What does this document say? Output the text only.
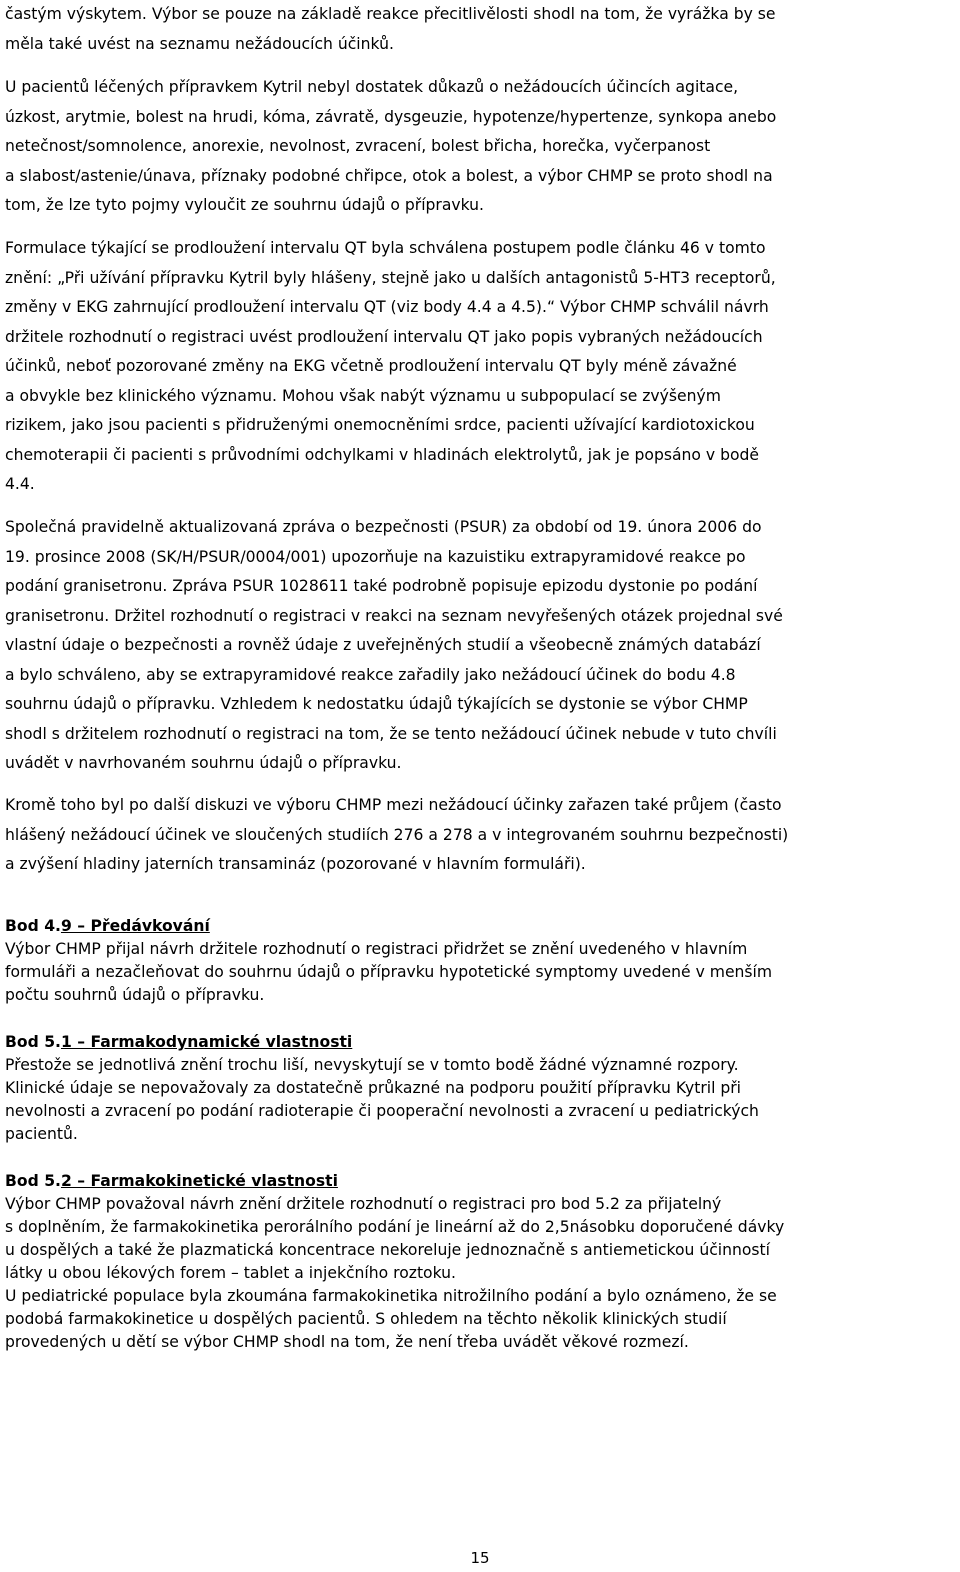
častým výskytem. Výbor se pouze na základě reakce přecitlivělosti shodl na tom, že vyrážka by se
měla také uvést na seznamu nežádoucích účinků.

U pacientů léčených přípravkem Kytril nebyl dostatek důkazů o nežádoucích účincích agitace,
úzkost, arytmie, bolest na hrudi, kóma, závratě, dysgeuzie, hypotenze/hypertenze, synkopa anebo
netečnost/somnolence, anorexie, nevolnost, zvracení, bolest břicha, horečka, vyčerpanost
a slabost/astenie/únava, příznaky podobné chřipce, otok a bolest, a výbor CHMP se proto shodl na
tom, že lze tyto pojmy vyloučit ze souhrnu údajů o přípravku.

Formulace týkající se prodloužení intervalu QT byla schválena postupem podle článku 46 v tomto
znění: „Při užívání přípravku Kytril byly hlášeny, stejně jako u dalších antagonistů 5-HT3 receptorů,
změny v EKG zahrnující prodloužení intervalu QT (viz body 4.4 a 4.5).“ Výbor CHMP schválil návrh
držitele rozhodnutí o registraci uvést prodloužení intervalu QT jako popis vybraných nežádoucích
účinků, neboť pozorované změny na EKG včetně prodloužení intervalu QT byly méně závažné
a obvykle bez klinického významu. Mohou však nabýt významu u subpopulací se zvýšeným
rizikem, jako jsou pacienti s přidruženými onemocněními srdce, pacienti užívající kardiotoxickou
chemoterapii či pacienti s průvodními odchylkami v hladinách elektrolytů, jak je popsáno v bodě
4.4.

Společná pravidelně aktualizovaná zpráva o bezpečnosti (PSUR) za období od 19. února 2006 do
19. prosince 2008 (SK/H/PSUR/0004/001) upozorňuje na kazuistiku extrapyramidové reakce po
podání granisetronu. Zpráva PSUR 1028611 také podrobně popisuje epizodu dystonie po podání
granisetronu. Držitel rozhodnutí o registraci v reakci na seznam nevyřešených otázek projednal své
vlastní údaje o bezpečnosti a rovněž údaje z uveřejněných studií a všeobecně známých databází
a bylo schváleno, aby se extrapyramidové reakce zařadily jako nežádoucí účinek do bodu 4.8
souhrnu údajů o přípravku. Vzhledem k nedostatku údajů týkajících se dystonie se výbor CHMP
shodl s držitelem rozhodnutí o registraci na tom, že se tento nežádoucí účinek nebude v tuto chvíli
uvádět v navrhovaném souhrnu údajů o přípravku.

Kromě toho byl po další diskuzi ve výboru CHMP mezi nežádoucí účinky zařazen také průjem (často
hlášený nežádoucí účinek ve sloučených studiích 276 a 278 a v integrovaném souhrnu bezpečnosti)
a zvýšení hladiny jaterních transamináz (pozorované v hlavním formuláři).

Bod 4.9 – Předávkování

Výbor CHMP přijal návrh držitele rozhodnutí o registraci přidržet se znění uvedeného v hlavním
formuláři a nezačleňovat do souhrnu údajů o přípravku hypotetické symptomy uvedené v menším
počtu souhrnů údajů o přípravku.

Bod 5.1 – Farmakodynamické vlastnosti

Přestože se jednotlivá znění trochu liší, nevyskytují se v tomto bodě žádné významné rozpory.
Klinické údaje se nepovažovaly za dostatečně průkazné na podporu použití přípravku Kytril při
nevolnosti a zvracení po podání radioterapie či pooperační nevolnosti a zvracení u pediatrických
pacientů.

Bod 5.2 – Farmakokinetické vlastnosti

Výbor CHMP považoval návrh znění držitele rozhodnutí o registraci pro bod 5.2 za přijatelný
s doplněním, že farmakokinetika perorálního podání je lineární až do 2,5násobku doporučené dávky
u dospělých a také že plazmatická koncentrace nekoreluje jednoznačně s antiemetickou účinností
látky u obou lékových forem – tablet a injekčního roztoku.
U pediatrické populace byla zkoumána farmakokinetika nitrožilního podání a bylo oznámeno, že se
podobá farmakokinetice u dospělých pacientů. S ohledem na těchto několik klinických studií
provedených u dětí se výbor CHMP shodl na tom, že není třeba uvádět věkové rozmezí.

15
